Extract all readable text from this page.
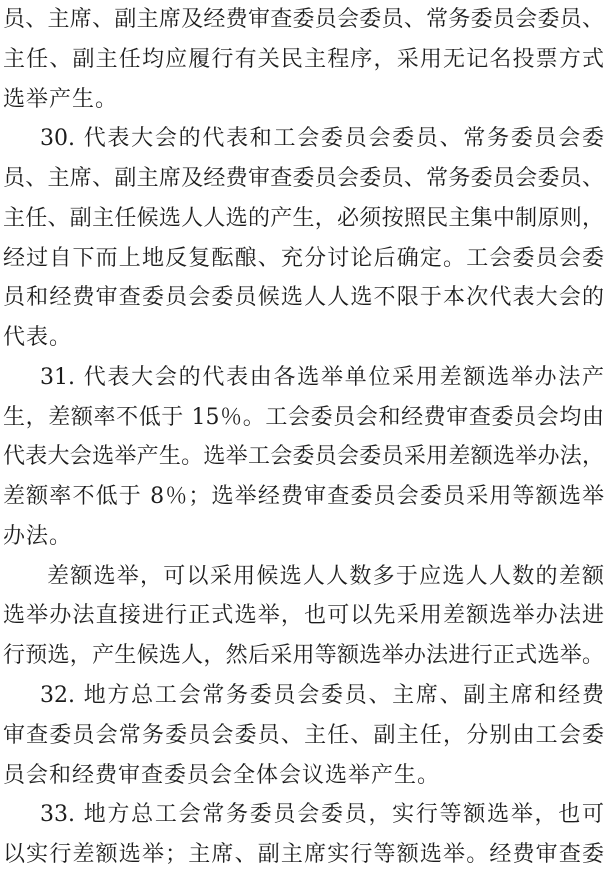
员、主席、副主席及经费审查委员会委员、常务委员会委员、
主任、副主任均应履行有关民主程序，采用无记名投票方式
选举产生。
30. 代表大会的代表和工会委员会委员、常务委员会委
员、主席、副主席及经费审查委员会委员、常务委员会委员、
主任、副主任候选人人选的产生，必须按照民主集中制原则，
经过自下而上地反复酝酿、充分讨论后确定。工会委员会委
员和经费审查委员会委员候选人人选不限于本次代表大会的
代表。
31. 代表大会的代表由各选举单位采用差额选举办法产
生，差额率不低于 15％。工会委员会和经费审查委员会均由
代表大会选举产生。选举工会委员会委员采用差额选举办法，
差额率不低于 8％；选举经费审查委员会委员采用等额选举
办法。
差额选举，可以采用候选人人数多于应选人人数的差额
选举办法直接进行正式选举，也可以先采用差额选举办法进
行预选，产生候选人，然后采用等额选举办法进行正式选举。
32. 地方总工会常务委员会委员、主席、副主席和经费
审查委员会常务委员会委员、主任、副主任，分别由工会委
员会和经费审查委员会全体会议选举产生。
33. 地方总工会常务委员会委员，实行等额选举，也可
以实行差额选举；主席、副主席实行等额选举。经费审查委
